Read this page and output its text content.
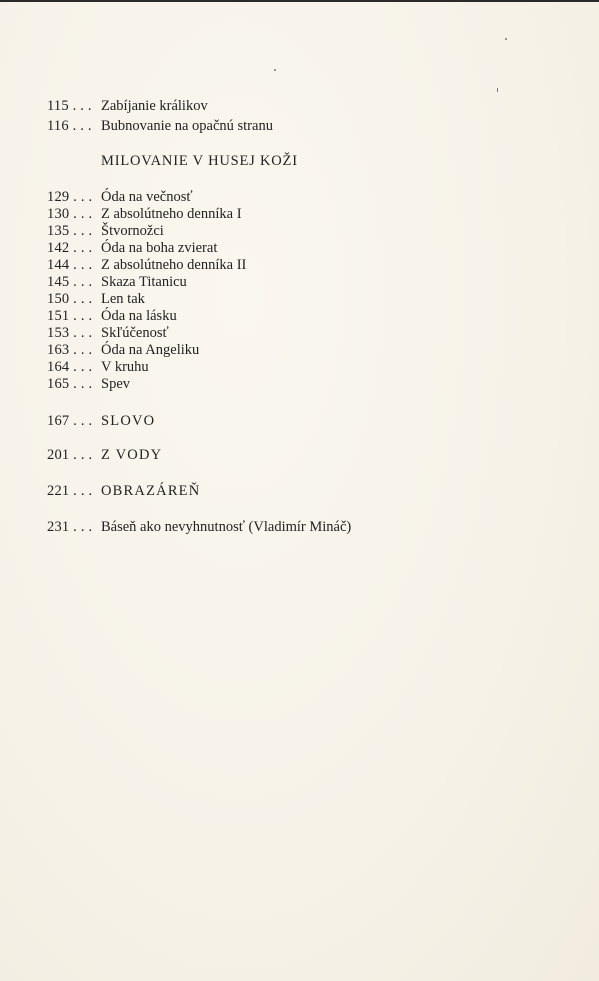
115 . . . Zabíjanie králikov
116 . . . Bubnovanie na opačnú stranu
MILOVANIE V HUSEJ KOŽI
129 . . . Óda na večnosť
130 . . . Z absolútneho denníka I
135 . . . Štvornožci
142 . . . Óda na boha zvierat
144 . . . Z absolútneho denníka II
145 . . . Skaza Titanicu
150 . . . Len tak
151 . . . Óda na lásku
153 . . . Skľúčenosť
163 . . . Óda na Angeliku
164 . . . V kruhu
165 . . . Spev
167 . . . SLOVO
201 . . . Z VODY
221 . . . OBRAZÁREŇ
231 . . . Báseň ako nevyhnutnosť (Vladimír Mináč)
